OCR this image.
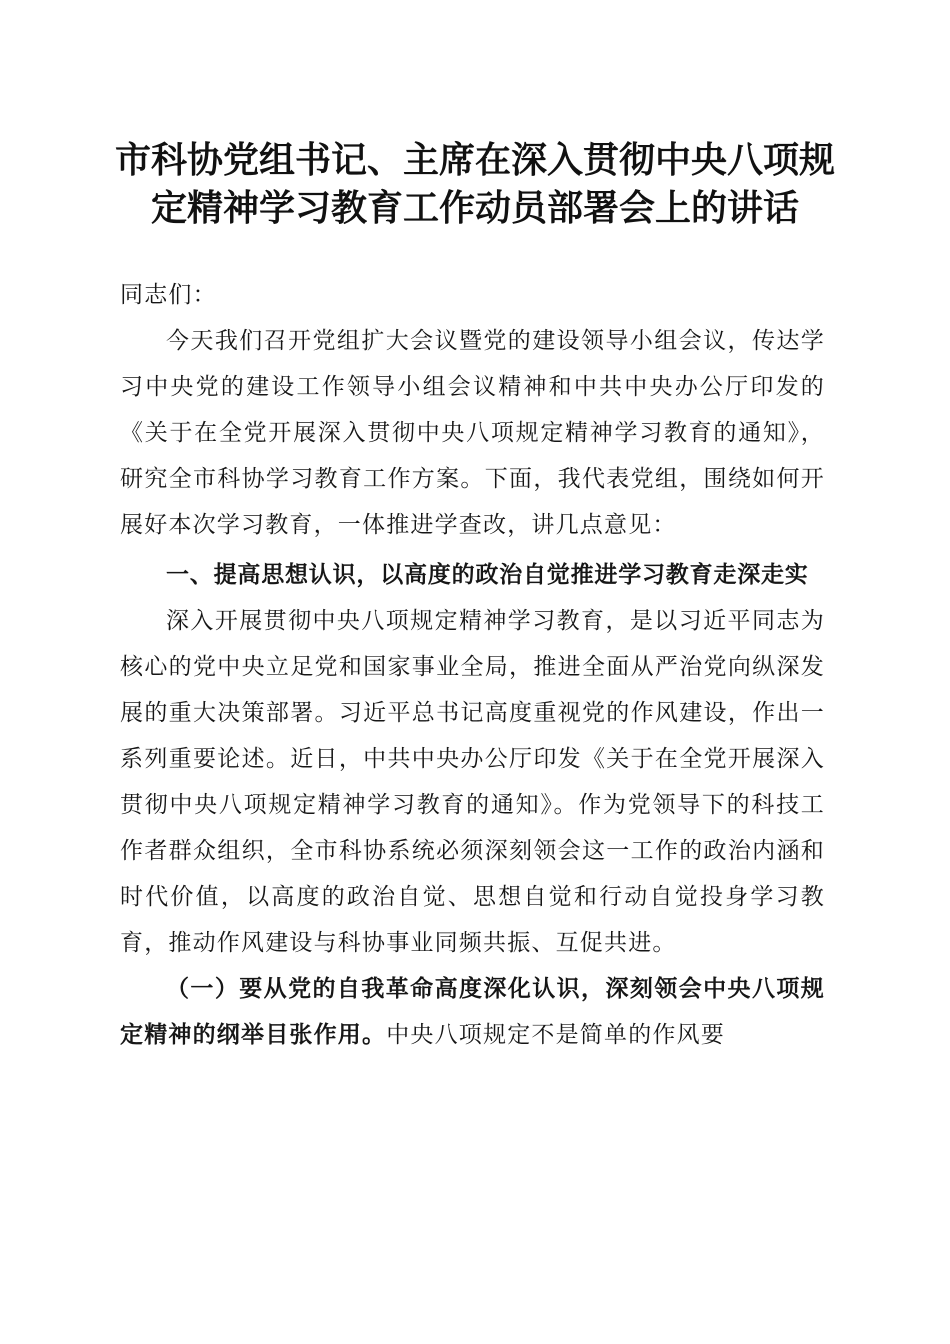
市科协党组书记、主席在深入贯彻中央八项规
定精神学习教育工作动员部署会上的讲话

同志们：

今天我们召开党组扩大会议暨党的建设领导小组会议，传达学习中央党的建设工作领导小组会议精神和中共中央办公厅印发的《关于在全党开展深入贯彻中央八项规定精神学习教育的通知》，研究全市科协学习教育工作方案。下面，我代表党组，围绕如何开展好本次学习教育，一体推进学查改，讲几点意见：

一、提高思想认识，以高度的政治自觉推进学习教育走深走实

深入开展贯彻中央八项规定精神学习教育，是以习近平同志为核心的党中央立足党和国家事业全局，推进全面从严治党向纵深发展的重大决策部署。习近平总书记高度重视党的作风建设，作出一系列重要论述。近日，中共中央办公厅印发《关于在全党开展深入贯彻中央八项规定精神学习教育的通知》。作为党领导下的科技工作者群众组织，全市科协系统必须深刻领会这一工作的政治内涵和时代价值，以高度的政治自觉、思想自觉和行动自觉投身学习教育，推动作风建设与科协事业同频共振、互促共进。

（一）要从党的自我革命高度深化认识，深刻领会中央八项规定精神的纲举目张作用。中央八项规定不是简单的作风要
